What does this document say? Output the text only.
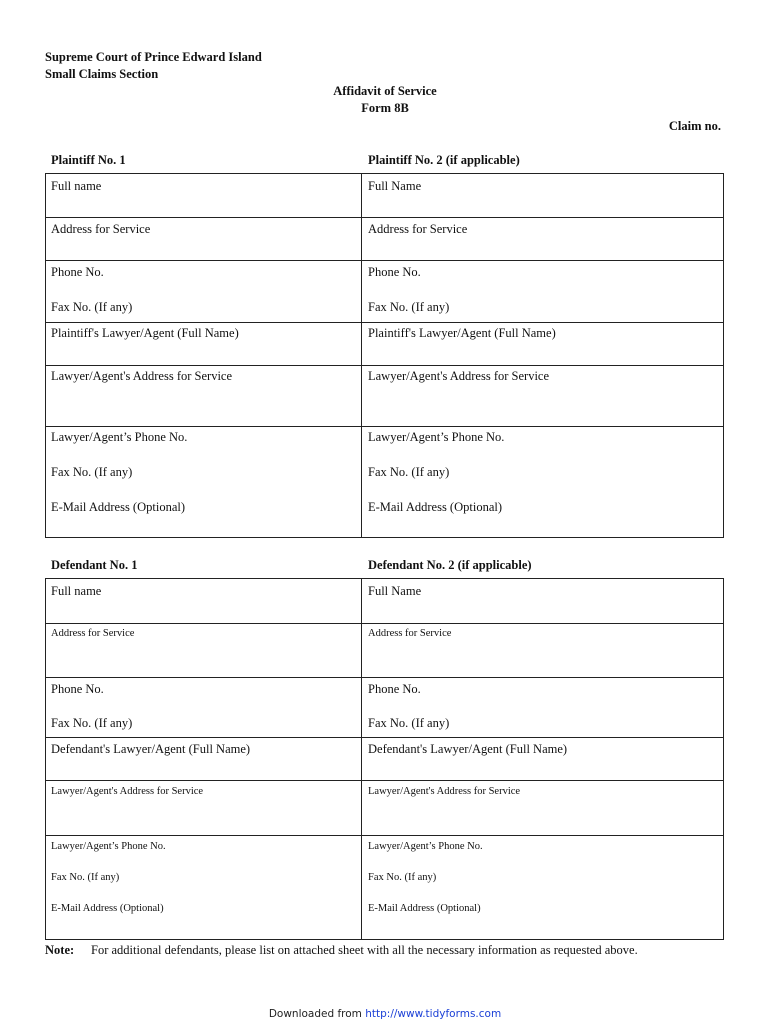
Supreme Court of Prince Edward Island
Small Claims Section
Affidavit of Service
Form 8B
Claim no.
Plaintiff No. 1	Plaintiff No. 2 (if applicable)
Full name
Address for Service
Phone No.
Fax No. (If any)
Plaintiff's Lawyer/Agent (Full Name)
Lawyer/Agent's Address for Service
Lawyer/Agent’s Phone No.
Fax No. (If any)
E-Mail Address (Optional)
Full Name
Address for Service
Phone No.
Fax No. (If any)
Plaintiff's Lawyer/Agent (Full Name)
Lawyer/Agent's Address for Service
Lawyer/Agent’s Phone No.
Fax No. (If any)
E-Mail Address (Optional)
Defendant No. 1	Defendant No. 2 (if applicable)
Full name
Address for Service
Phone No.
Fax No. (If any)
Defendant's Lawyer/Agent (Full Name)
Lawyer/Agent's Address for Service
Lawyer/Agent’s Phone No.
Fax No. (If any)
E-Mail Address (Optional)
Full Name
Address for Service
Phone No.
Fax No. (If any)
Defendant's Lawyer/Agent (Full Name)
Lawyer/Agent's Address for Service
Lawyer/Agent’s Phone No.
Fax No. (If any)
E-Mail Address (Optional)
Note: For additional defendants, please list on attached sheet with all the necessary information as requested above.
Downloaded from http://www.tidyforms.com
